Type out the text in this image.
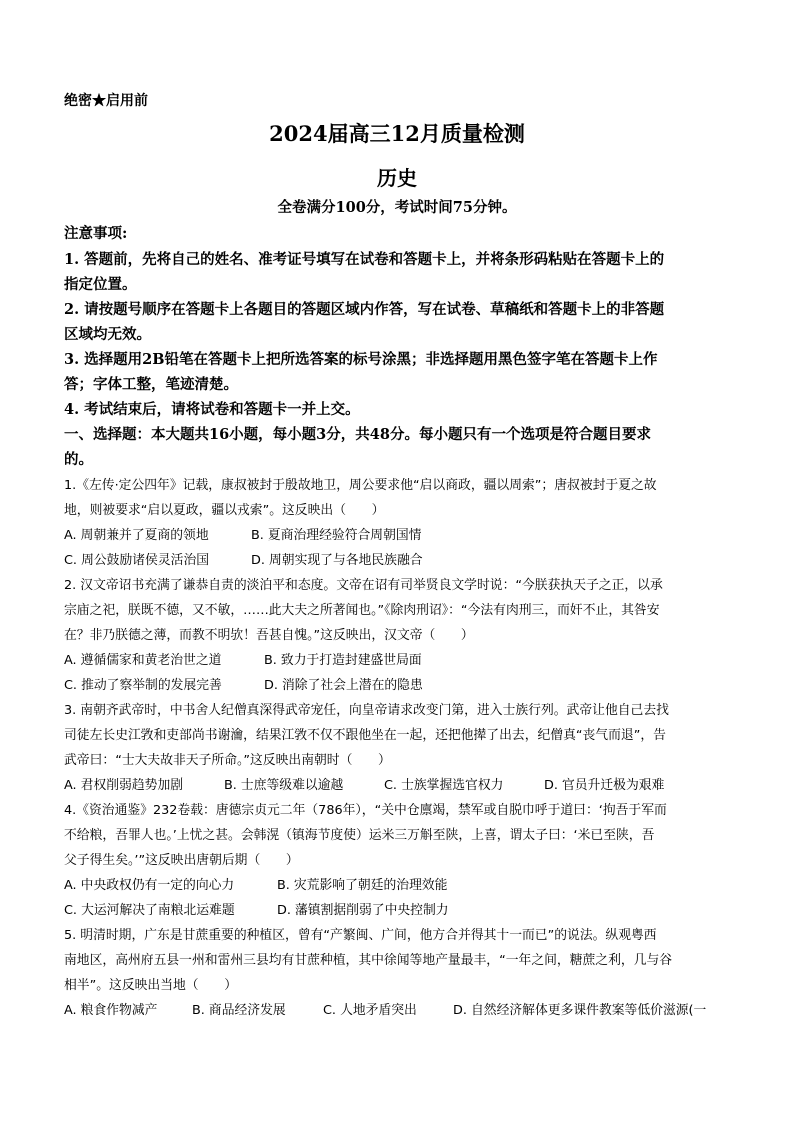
绝密★启用前
2024届高三12月质量检测
历史
全卷满分100分，考试时间75分钟。
注意事项:
1. 答题前，先将自己的姓名、准考证号填写在试卷和答题卡上，并将条形码粘贴在答题卡上的
指定位置。
2. 请按题号顺序在答题卡上各题目的答题区域内作答，写在试卷、草稿纸和答题卡上的非答题
区域均无效。
3. 选择题用2B铅笔在答题卡上把所选答案的标号涂黑；非选择题用黑色签字笔在答题卡上作
答；字体工整，笔迹清楚。
4. 考试结束后，请将试卷和答题卡一并上交。
一、选择题：本大题共16小题，每小题3分，共48分。每小题只有一个选项是符合题目要求
的。
1.《左传·定公四年》记载，康叔被封于殷故地卫，周公要求他“启以商政，疆以周索”；唐叔被封于夏之故
地，则被要求“启以夏政，疆以戎索”。这反映出（　　）
A. 周朝兼并了夏商的领地	B. 夏商治理经验符合周朝国情
C. 周公鼓励诸侯灵活治国	D. 周朝实现了与各地民族融合
2. 汉文帝诏书充满了谦恭自责的淡泊平和态度。文帝在诏有司举贤良文学时说：“今朕获执天子之正，以承
宗庙之祀，朕既不德，又不敏，……此大夫之所著闻也。”《除肉刑诏》：“今法有肉刑三，而奸不止，其咎安
在？非乃朕德之薄，而教不明欤！吾甚自愧。”这反映出，汉文帝（　　）
A. 遵循儒家和黄老治世之道	B. 致力于打造封建盛世局面
C. 推动了察举制的发展完善	D. 消除了社会上潜在的隐患
3. 南朝齐武帝时，中书舍人纪僧真深得武帝宠任，向皇帝请求改变门第，进入士族行列。武帝让他自己去找
司徒左长史江敩和吏部尚书谢瀹，结果江敩不仅不跟他坐在一起，还把他撵了出去，纪僧真“丧气而退”，告
武帝曰：“士大夫故非天子所命。”这反映出南朝时（　　）
A. 君权削弱趋势加剧	B. 士庶等级难以逾越	C. 士族掌握选官权力	D. 官员升迁极为艰难
4.《资治通鉴》232卷载：唐德宗贞元二年（786年），“关中仓廪竭，禁军或自脱巾呼于道曰：‘拘吾于军而
不给粮，吾罪人也。’上忧之甚。会韩滉（镇海节度使）运米三万斛至陕，上喜，谓太子曰：‘米已至陕，吾
父子得生矣。’”这反映出唐朝后期（　　）
A. 中央政权仍有一定的向心力	B. 灾荒影响了朝廷的治理效能
C. 大运河解决了南粮北运难题	D. 藩镇割据削弱了中央控制力
5. 明清时期，广东是甘蔗重要的种植区，曾有“产繁闽、广间，他方合并得其十一而已”的说法。纵观粤西
南地区，高州府五县一州和雷州三县均有甘蔗种植，其中徐闻等地产量最丰，“一年之间，糖蔗之利，几与谷
相半”。这反映出当地（　　）
A. 粮食作物减产	B. 商品经济发展	C. 人地矛盾突出	D. 自然经济解体更多课件教案等低价滋源(一
